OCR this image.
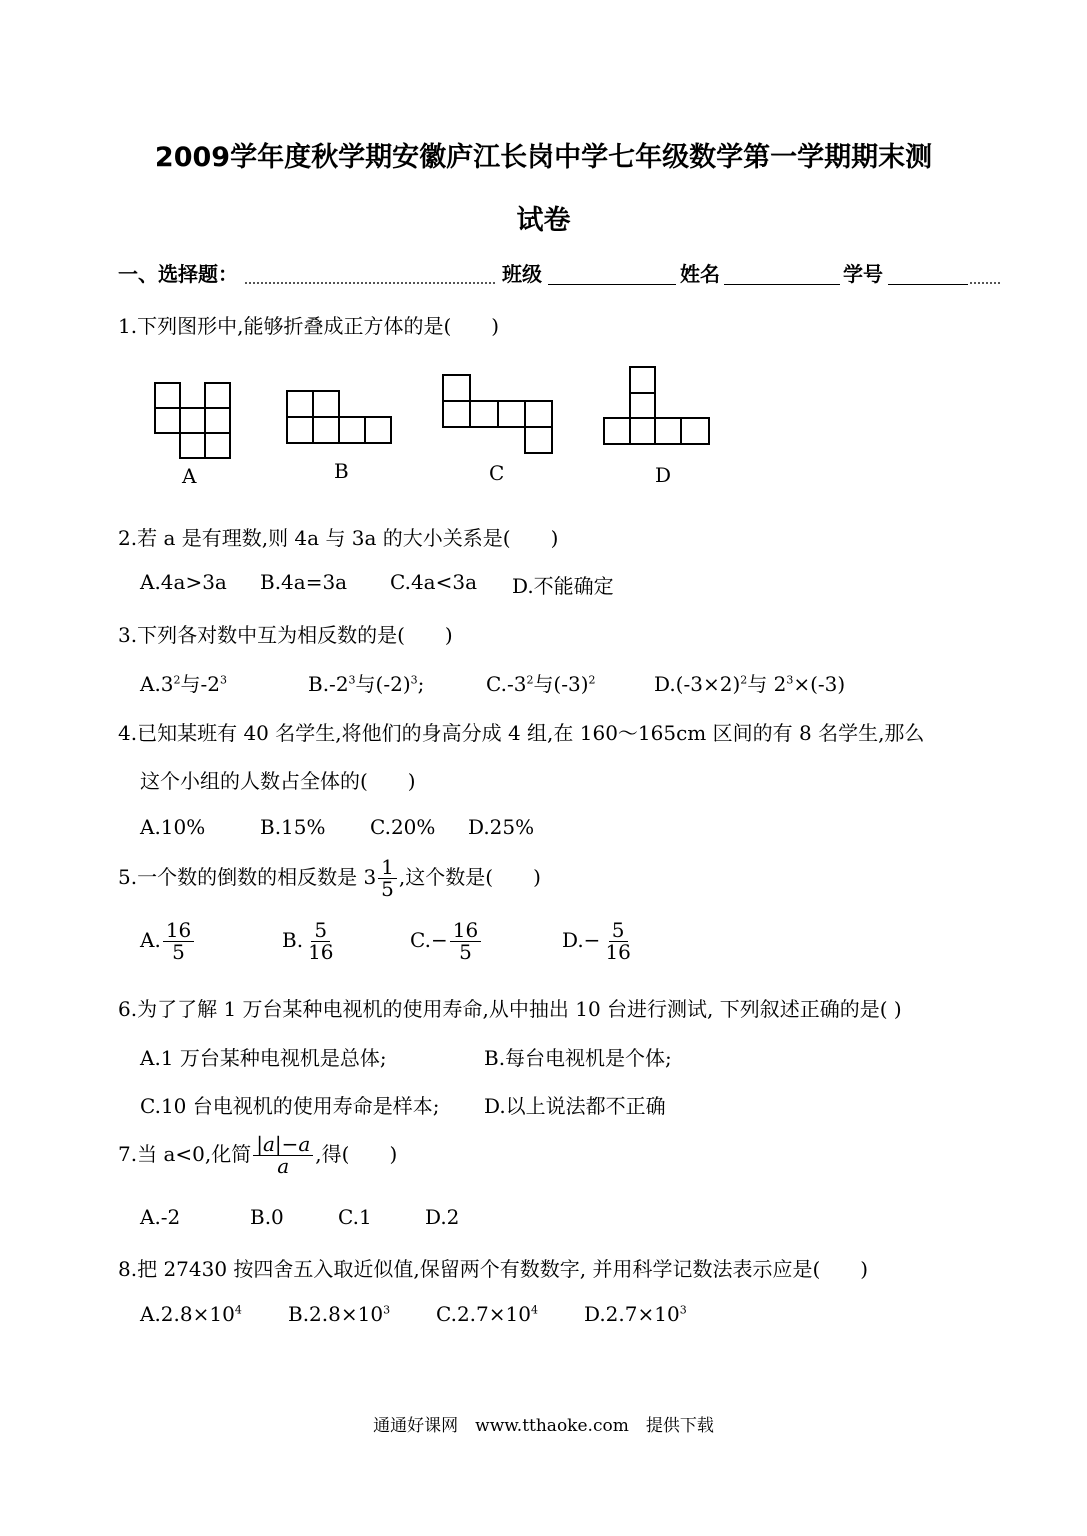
2009学年度秋学期安徽庐江长岗中学七年级数学第一学期期末测
试卷
一、选择题：	班级	姓名	学号
1.下列图形中,能够折叠成正方体的是(　　)
A	B	C	D
2.若 a 是有理数,则 4a 与 3a 的大小关系是(　　)
A.4a>3a B.4a=3a C.4a<3a D.不能确定
3.下列各对数中互为相反数的是(　　)
$A.3^2$与$-2^3$	$B.-2^3$与$(-2)^3$;	$C.-3^2$与$(-3)^2$	$D.(-3\times 2)^2$与 $2^3\times(-3)$
4.已知某班有 40 名学生,将他们的身高分成 4 组,在 160～165cm 区间的有 8 名学生,那么
这个小组的人数占全体的(　　)
A.10%	B.15% C.20% D.25%
5.一个数的倒数的相反数是 $3 \frac{1}{5}$ ,这个数是(　　)
A. $\frac{16}{5}$	B. $\frac{5}{16}$	$C.- \frac{16}{5}$	$D.- \frac{5}{16}$
6.为了了解 1 万台某种电视机的使用寿命,从中抽出 10 台进行测试, 下列叙述正确的是( )
A.1 万台某种电视机是总体;	B.每台电视机是个体;
C.10 台电视机的使用寿命是样本; D.以上说法都不正确
7.当 a<0,化简 $\frac{|a|-a}{a}$ ,得(　　)
A.-2	B.0	C.1	D.2
8.把 27430 按四舍五入取近似值,保留两个有数数字, 并用科学记数法表示应是(　　)
$A.2.8\times 10^4$ $B.2.8\times 10^3$ $C.2.7\times 10^4$ $D.2.7\times 10^3$
通通好课网　www.tthaoke.com　提供下载
